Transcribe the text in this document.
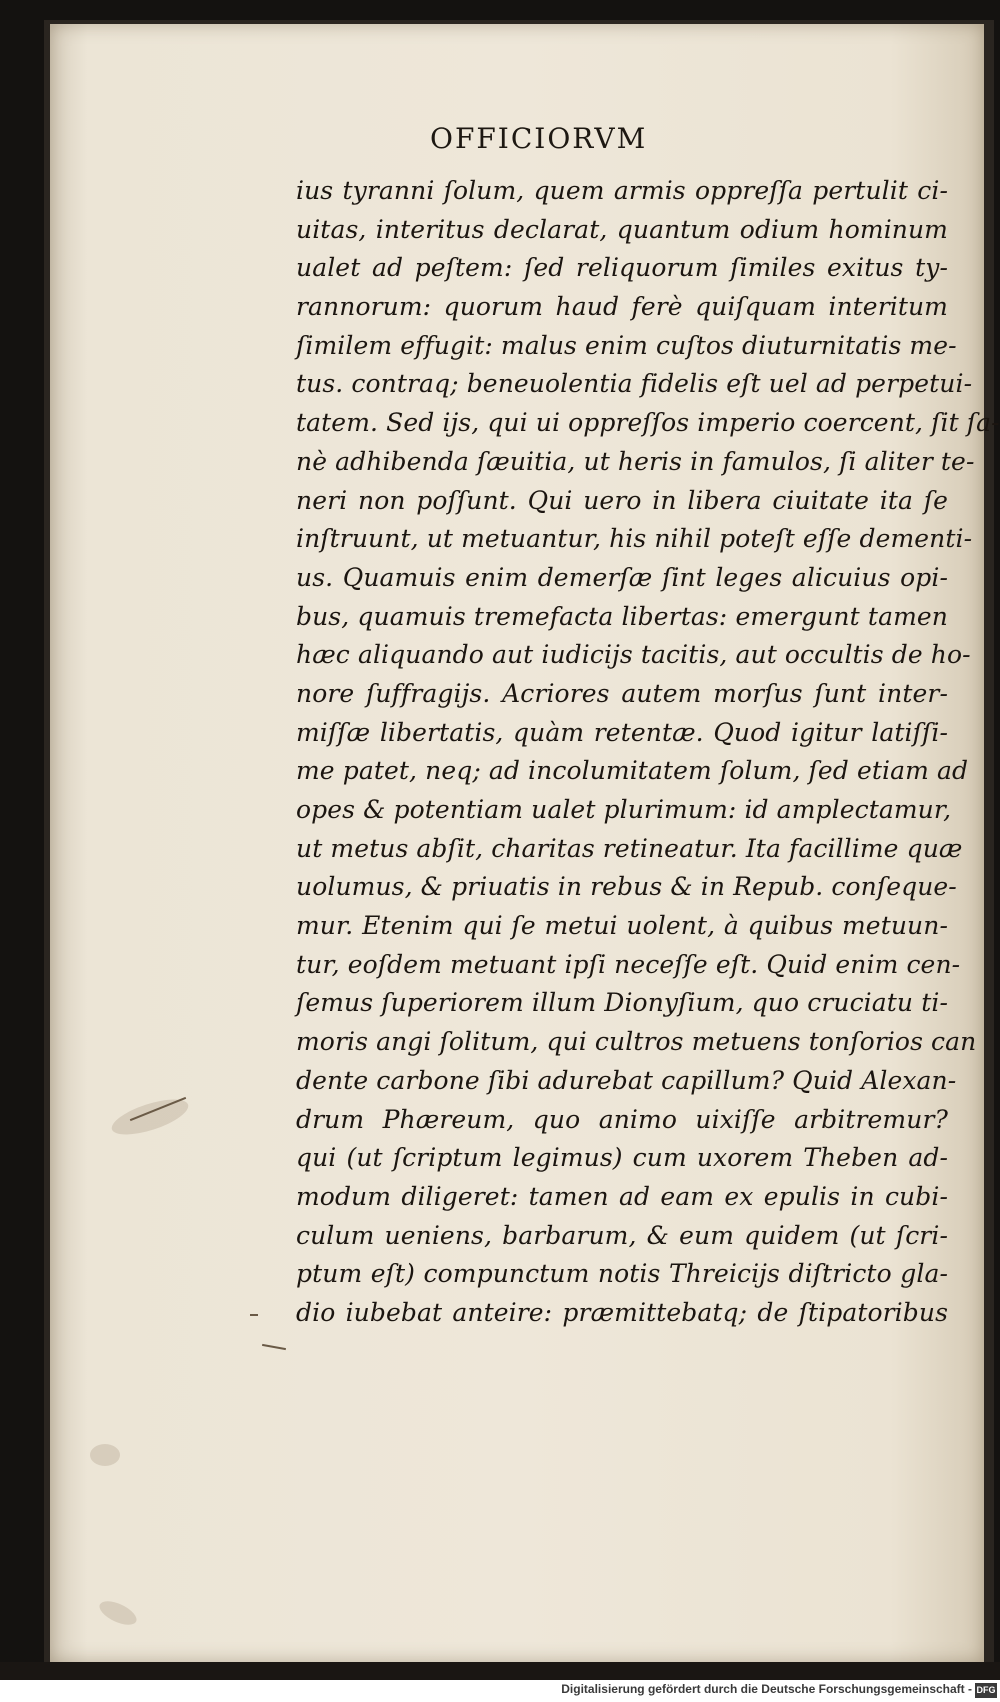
OFFICIORVM
ius tyranni ſolum, quem armis oppreſſa pertulit ci-
uitas, interitus declarat, quantum odium hominum
ualet ad peſtem: ſed reliquorum ſimiles exitus ty-
rannorum: quorum haud ferè quiſquam interitum
ſimilem effugit: malus enim cuſtos diuturnitatis me-
tus. contraq; beneuolentia fidelis eſt uel ad perpetui-
tatem. Sed ijs, qui ui oppreſſos imperio coercent, ſit ſa-
nè adhibenda ſæuitia, ut heris in famulos, ſi aliter te-
neri non poſſunt. Qui uero in libera ciuitate ita ſe
inſtruunt, ut metuantur, his nihil poteſt eſſe dementi-
us. Quamuis enim demerſæ ſint leges alicuius opi-
bus, quamuis tremefacta libertas: emergunt tamen
hæc aliquando aut iudicijs tacitis, aut occultis de ho-
nore ſuffragijs. Acriores autem morſus ſunt inter-
miſſæ libertatis, quàm retentæ. Quod igitur latiſſi-
me patet, neq; ad incolumitatem ſolum, ſed etiam ad
opes & potentiam ualet plurimum: id amplectamur,
ut metus abſit, charitas retineatur. Ita facillime quæ
uolumus, & priuatis in rebus & in Repub. conſeque-
mur. Etenim qui ſe metui uolent, à quibus metuun-
tur, eoſdem metuant ipſi neceſſe eſt. Quid enim cen-
ſemus ſuperiorem illum Dionyſium, quo cruciatu ti-
moris angi ſolitum, qui cultros metuens tonſorios can
dente carbone ſibi adurebat capillum? Quid Alexan-
drum Phæreum, quo animo uixiſſe arbitremur?
qui (ut ſcriptum legimus) cum uxorem Theben ad-
modum diligeret: tamen ad eam ex epulis in cubi-
culum ueniens, barbarum, & eum quidem (ut ſcri-
ptum eſt) compunctum notis Threicijs diſtricto gla-
dio iubebat anteire: præmittebatq; de ſtipatoribus
Digitalisierung gefördert durch die Deutsche Forschungsgemeinschaft - DFG
